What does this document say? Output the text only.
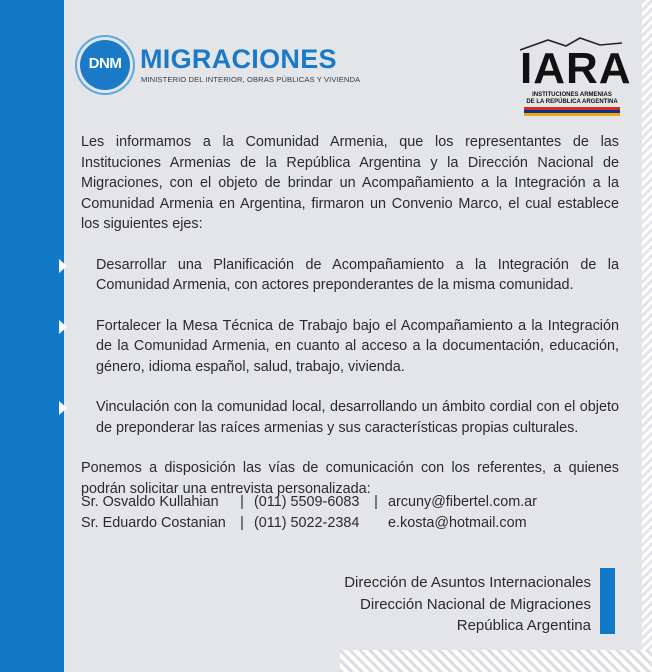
DNM MIGRACIONES
MINISTERIO DEL INTERIOR, OBRAS PÚBLICAS Y VIVIENDA	IARA
INSTITUCIONES ARMENIAS
DE LA REPÚBLICA ARGENTINA

Les informamos a la Comunidad Armenia, que los representantes de las Instituciones Armenias de la República Argentina y la Dirección Nacional de Migraciones, con el objeto de brindar un Acompañamiento a la Integración a la Comunidad Armenia en Argentina, firmaron un Convenio Marco, el cual establece los siguientes ejes:

Desarrollar una Planificación de Acompañamiento a la Integración de la Comunidad Armenia, con actores preponderantes de la misma comunidad.

Fortalecer la Mesa Técnica de Trabajo bajo el Acompañamiento a la Integración de la Comunidad Armenia, en cuanto al acceso a la documentación, educación, género, idioma español, salud, trabajo, vivienda.

Vinculación con la comunidad local, desarrollando un ámbito cordial con el objeto de preponderar las raíces armenias y sus características propias culturales.

Ponemos a disposición las vías de comunicación con los referentes, a quienes podrán solicitar una entrevista personalizada:

Sr. Osvaldo Kullahian | (011) 5509-6083 | arcuny@fibertel.com.ar
Sr. Eduardo Costanian | (011) 5022-2384 e.kosta@hotmail.com
Dirección de Asuntos Internacionales
Dirección Nacional de Migraciones
República Argentina
